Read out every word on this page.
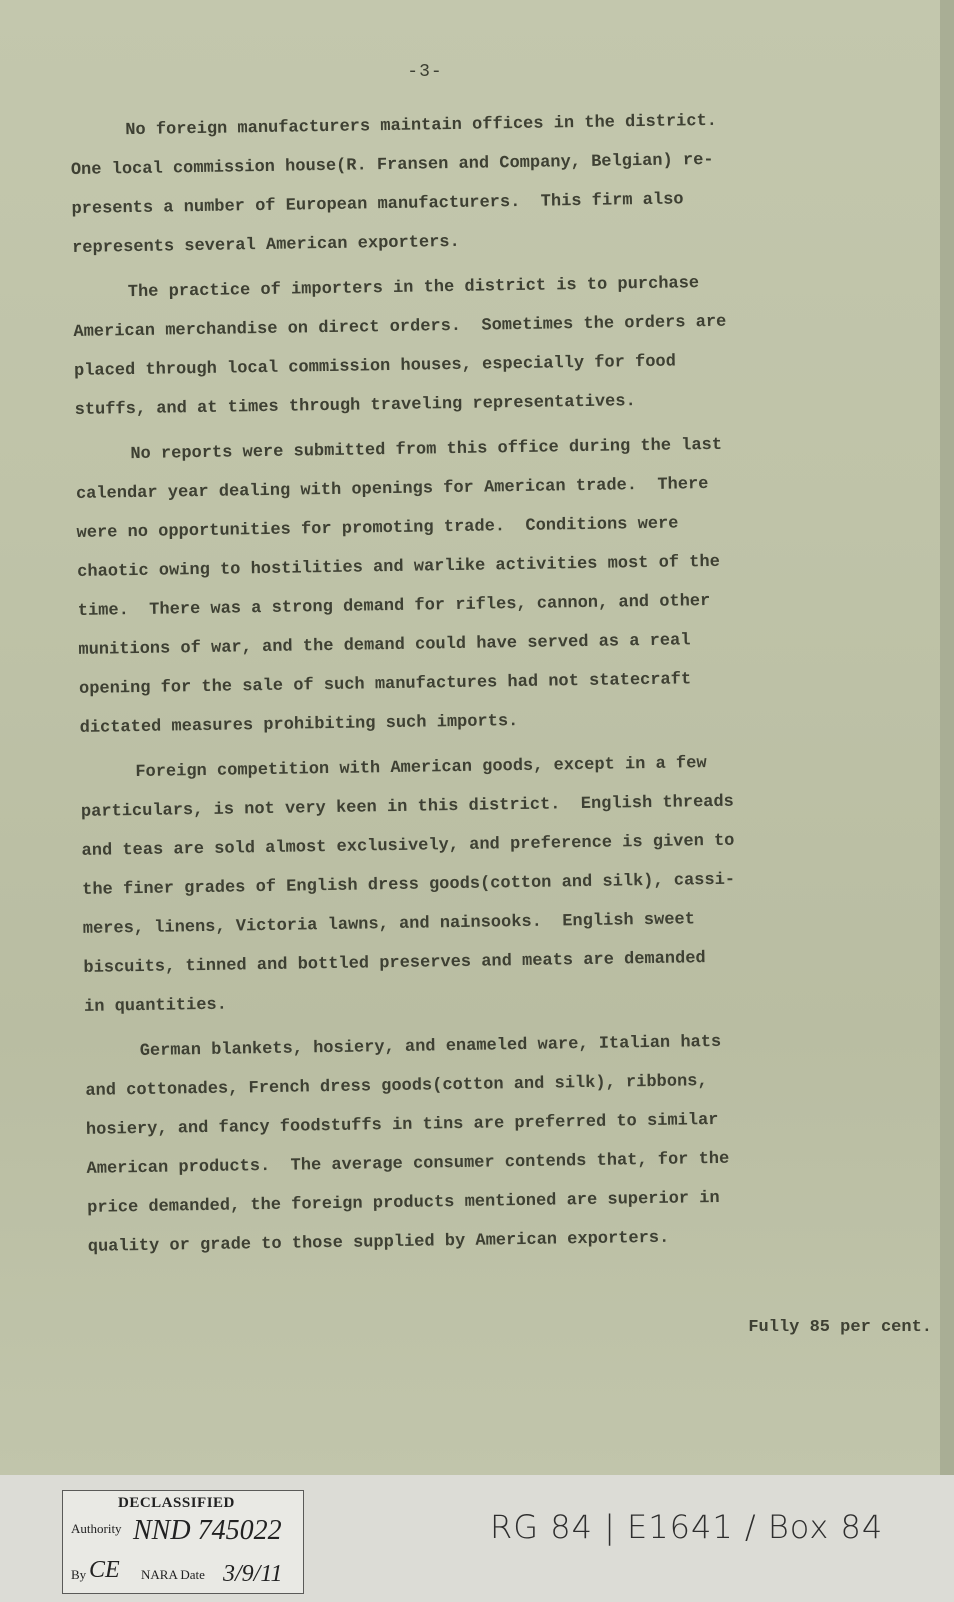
-3-
No foreign manufacturers maintain offices in the district.
One local commission house(R. Fransen and Company, Belgian) re-
presents a number of European manufacturers.  This firm also
represents several American exporters.
The practice of importers in the district is to purchase
American merchandise on direct orders.  Sometimes the orders are
placed through local commission houses, especially for food
stuffs, and at times through traveling representatives.
No reports were submitted from this office during the last
calendar year dealing with openings for American trade.  There
were no opportunities for promoting trade.  Conditions were
chaotic owing to hostilities and warlike activities most of the
time.  There was a strong demand for rifles, cannon, and other
munitions of war, and the demand could have served as a real
opening for the sale of such manufactures had not statecraft
dictated measures prohibiting such imports.
Foreign competition with American goods, except in a few
particulars, is not very keen in this district.  English threads
and teas are sold almost exclusively, and preference is given to
the finer grades of English dress goods(cotton and silk), cassi-
meres, linens, Victoria lawns, and nainsooks.  English sweet
biscuits, tinned and bottled preserves and meats are demanded
in quantities.
German blankets, hosiery, and enameled ware, Italian hats
and cottonades, French dress goods(cotton and silk), ribbons,
hosiery, and fancy foodstuffs in tins are preferred to similar
American products.  The average consumer contends that, for the
price demanded, the foreign products mentioned are superior in
quality or grade to those supplied by American exporters.
Fully 85 per cent.
DECLASSIFIED
Authority NND 745022
By CE NARA Date 3/9/11
RG 84 | E1641 / Box 84
